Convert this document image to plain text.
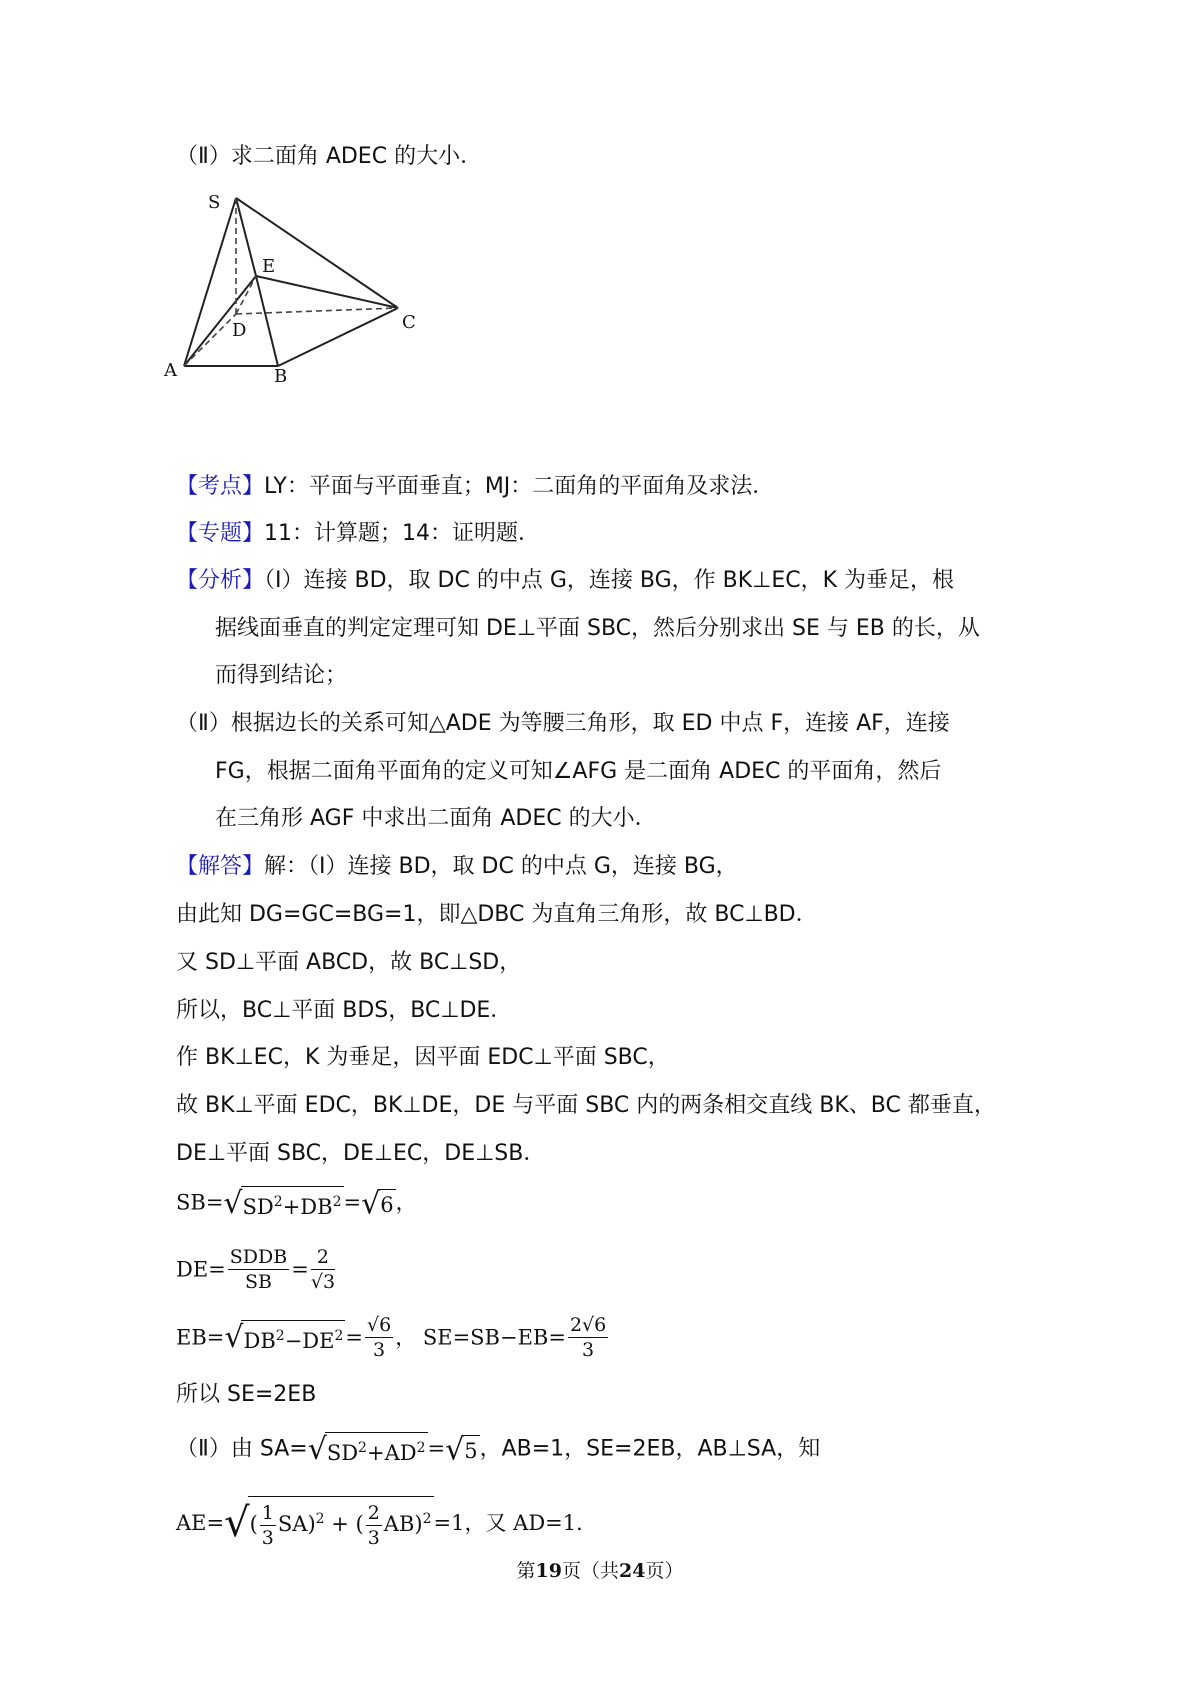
（Ⅱ）求二面角 A﻿﻿DE﻿﻿C 的大小．
S
E
D	C
A	B
【考点】LY：平面与平面垂直；MJ：二面角的平面角及求法．
【专题】11：计算题；14：证明题．
【分析】（Ⅰ）连接 BD，取 DC 的中点 G，连接 BG，作 BK⊥EC，K 为垂足，根
据线面垂直的判定定理可知 DE⊥平面 SBC，然后分别求出 SE 与 EB 的长，从
而得到结论；
（Ⅱ）根据边长的关系可知△ADE 为等腰三角形，取 ED 中点 F，连接 AF，连接
FG，根据二面角平面角的定义可知∠AFG 是二面角 A﻿﻿DE﻿﻿C 的平面角，然后
在三角形 AGF 中求出二面角 A﻿﻿DE﻿﻿C 的大小．
【解答】解：（Ⅰ）连接 BD，取 DC 的中点 G，连接 BG，
由此知 DG=GC=BG=1，即△DBC 为直角三角形，故 BC⊥BD．
又 SD⊥平面 ABCD，故 BC⊥SD，
所以，BC⊥平面 BDS，BC⊥DE．
作 BK⊥EC，K 为垂足，因平面 EDC⊥平面 SBC，
故 BK⊥平面 EDC，BK⊥DE，DE 与平面 SBC 内的两条相交直线 BK、BC 都垂直，
DE⊥平面 SBC，DE⊥EC，DE⊥SB．
$SB=√SD^2+DB^2=√6$，
$DE= \frac{SD﻿DB}{SB} = \frac{2}{√3}$
$EB=√DB^2-DE^2= \frac{√6}{3}$ ， $SE=SB-EB= \frac{2√6}{3}$
所以 SE=2EB
（Ⅱ）由 $SA=√SD^2+AD^2=√5$，AB=1，SE=2EB，AB⊥SA，知
$AE=√( \frac{1}{3} SA)^2$ + ( $\frac{2}{3} AB)^2=1$，又 AD=1．
第19页（共24页）
